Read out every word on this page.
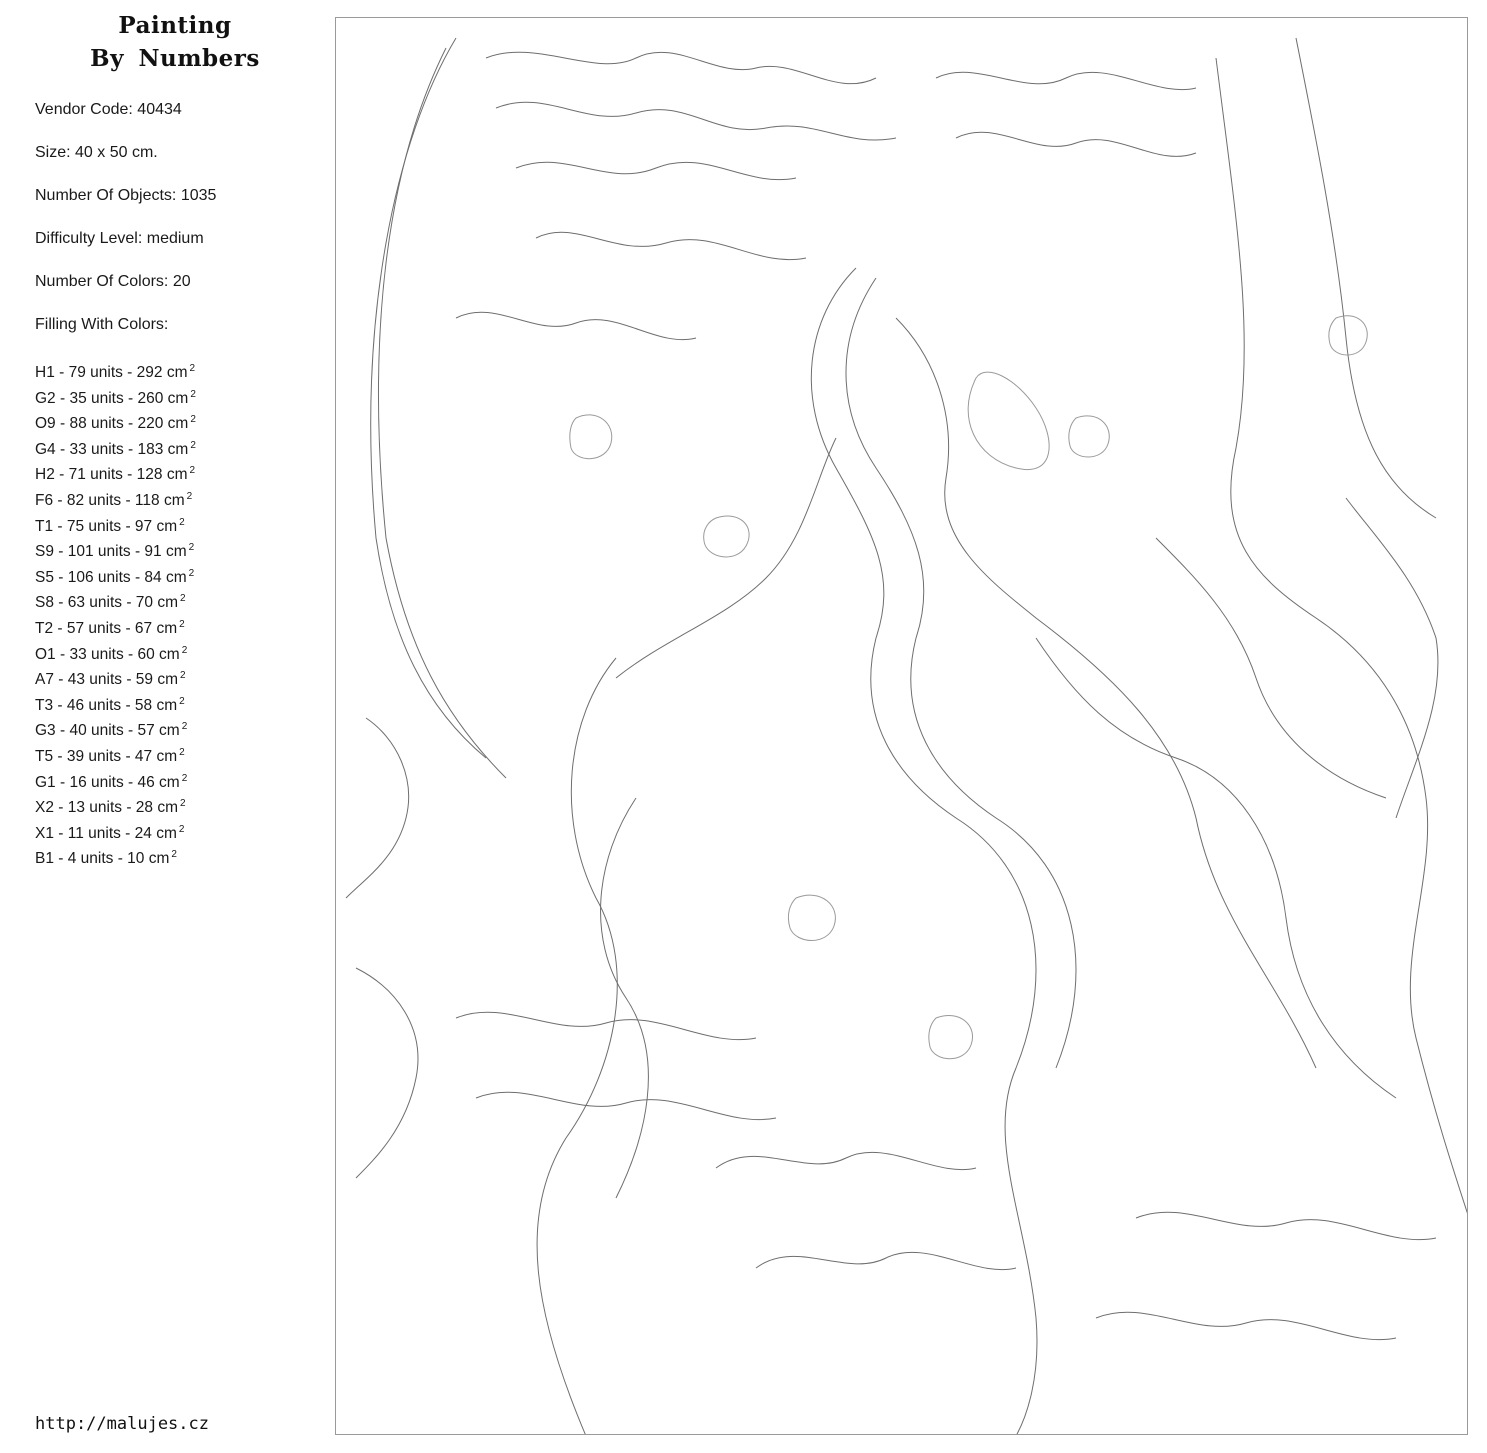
Painting
By Numbers
Vendor Code: 40434
Size: 40 x 50 cm.
Number Of Objects: 1035
Difficulty Level: medium
Number Of Colors: 20
Filling With Colors:
H1 - 79 units - 292 cm $^2$
G2 - 35 units - 260 cm $^2$
O9 - 88 units - 220 cm $^2$
G4 - 33 units - 183 cm $^2$
H2 - 71 units - 128 cm $^2$
F6 - 82 units - 118 cm $^2$
T1 - 75 units - 97 cm $^2$
S9 - 101 units - 91 cm $^2$
S5 - 106 units - 84 cm $^2$
S8 - 63 units - 70 cm $^2$
T2 - 57 units - 67 cm $^2$
O1 - 33 units - 60 cm $^2$
A7 - 43 units - 59 cm $^2$
T3 - 46 units - 58 cm $^2$
G3 - 40 units - 57 cm $^2$
T5 - 39 units - 47 cm $^2$
G1 - 16 units - 46 cm $^2$
X2 - 13 units - 28 cm $^2$
X1 - 11 units - 24 cm $^2$
B1 - 4 units - 10 cm $^2$
http://malujes.cz
